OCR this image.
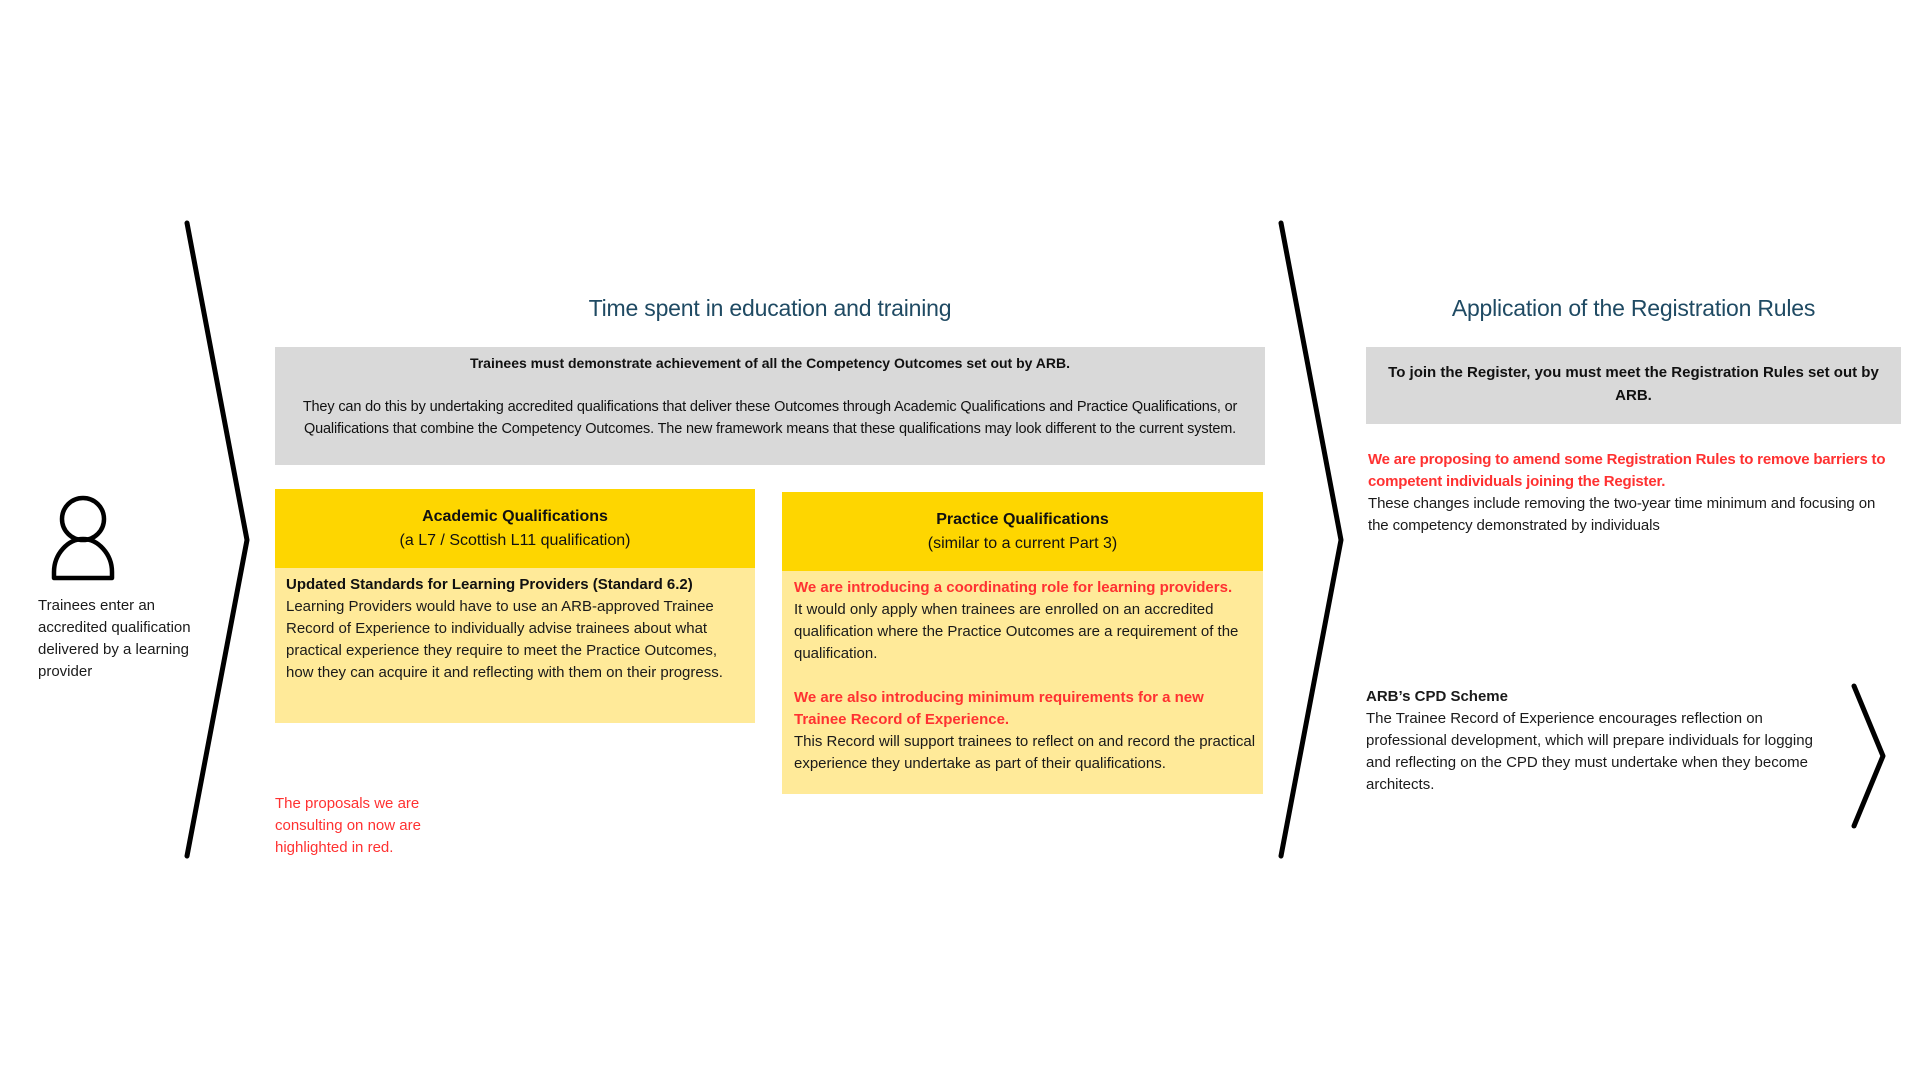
Trainees enter an accredited qualification delivered by a learning provider
Time spent in education and training
Trainees must demonstrate achievement of all the Competency Outcomes set out by ARB.
They can do this by undertaking accredited qualifications that deliver these Outcomes through Academic Qualifications and Practice Qualifications, or Qualifications that combine the Competency Outcomes. The new framework means that these qualifications may look different to the current system.
Academic Qualifications
(a L7 / Scottish L11 qualification)
Updated Standards for Learning Providers (Standard 6.2)
Learning Providers would have to use an ARB-approved Trainee Record of Experience to individually advise trainees about what practical experience they require to meet the Practice Outcomes, how they can acquire it and reflecting with them on their progress.
Practice Qualifications
(similar to a current Part 3)
We are introducing a coordinating role for learning providers.
It would only apply when trainees are enrolled on an accredited qualification where the Practice Outcomes are a requirement of the qualification.
We are also introducing minimum requirements for a new Trainee Record of Experience.
This Record will support trainees to reflect on and record the practical experience they undertake as part of their qualifications.
The proposals we are consulting on now are highlighted in red.
Application of the Registration Rules
To join the Register, you must meet the Registration Rules set out by ARB.
We are proposing to amend some Registration Rules to remove barriers to competent individuals joining the Register.
These changes include removing the two-year time minimum and focusing on the competency demonstrated by individuals
ARB’s CPD Scheme
The Trainee Record of Experience encourages reflection on professional development, which will prepare individuals for logging and reflecting on the CPD they must undertake when they become architects.
